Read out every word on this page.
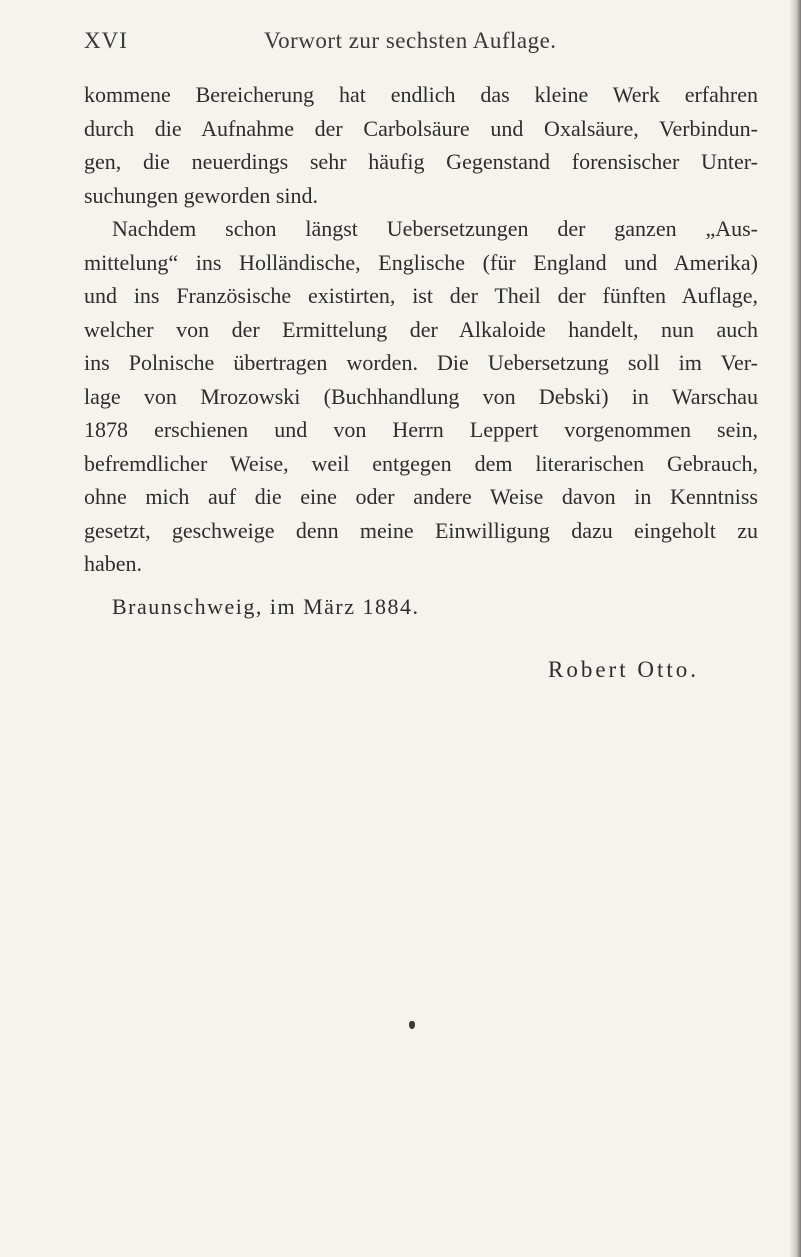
XVI	Vorwort zur sechsten Auflage.
kommene Bereicherung hat endlich das kleine Werk erfahren
durch die Aufnahme der Carbolsäure und Oxalsäure, Verbindun-
gen, die neuerdings sehr häufig Gegenstand forensischer Unter-
suchungen geworden sind.
Nachdem schon längst Uebersetzungen der ganzen „Aus-
mittelung“ ins Holländische, Englische (für England und Amerika)
und ins Französische existirten, ist der Theil der fünften Auflage,
welcher von der Ermittelung der Alkaloide handelt, nun auch
ins Polnische übertragen worden. Die Uebersetzung soll im Ver-
lage von Mrozowski (Buchhandlung von Debski) in Warschau
1878 erschienen und von Herrn Leppert vorgenommen sein,
befremdlicher Weise, weil entgegen dem literarischen Gebrauch,
ohne mich auf die eine oder andere Weise davon in Kenntniss
gesetzt, geschweige denn meine Einwilligung dazu eingeholt zu
haben.
Braunschweig, im März 1884.
Robert Otto.
